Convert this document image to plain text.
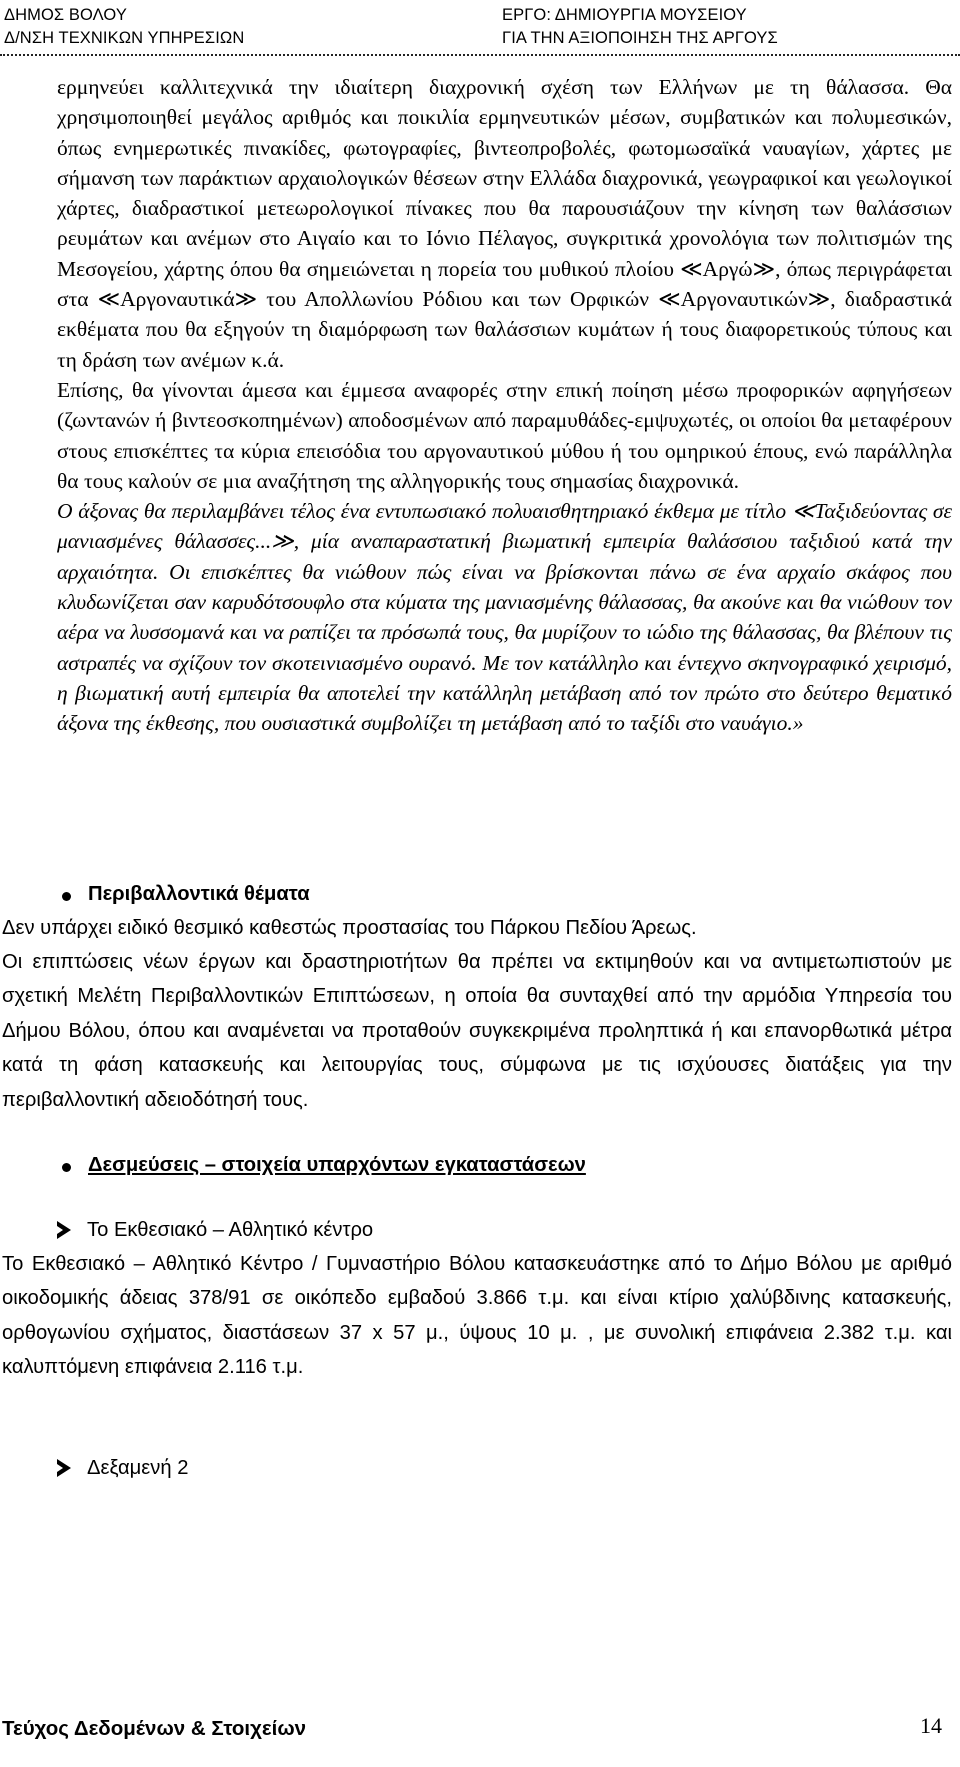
ΔΗΜΟΣ ΒΟΛΟΥ
Δ/ΝΣΗ ΤΕΧΝΙΚΩΝ ΥΠΗΡΕΣΙΩΝ
ΕΡΓΟ: ΔΗΜΙΟΥΡΓΙΑ ΜΟΥΣΕΙΟΥ
ΓΙΑ ΤΗΝ ΑΞΙΟΠΟΙΗΣΗ ΤΗΣ ΑΡΓΟΥΣ

ερμηνεύει καλλιτεχνικά την ιδιαίτερη διαχρονική σχέση των Ελλήνων με τη θάλασσα. Θα χρησιμοποιηθεί μεγάλος αριθμός και ποικιλία ερμηνευτικών μέσων, συμβατικών και πολυμεσικών, όπως ενημερωτικές πινακίδες, φωτογραφίες, βιντεοπροβολές, φωτομωσαϊκά ναυαγίων, χάρτες με σήμανση των παράκτιων αρχαιολογικών θέσεων στην Ελλάδα διαχρονικά, γεωγραφικοί και γεωλογικοί χάρτες, διαδραστικοί μετεωρολογικοί πίνακες που θα παρουσιάζουν την κίνηση των θαλάσσιων ρευμάτων και ανέμων στο Αιγαίο και το Ιόνιο Πέλαγος, συγκριτικά χρονολόγια των πολιτισμών της Μεσογείου, χάρτης όπου θα σημειώνεται η πορεία του μυθικού πλοίου ≪Αργώ≫, όπως περιγράφεται στα ≪Αργοναυτικά≫ του Απολλωνίου Ρόδιου και των Ορφικών ≪Αργοναυτικών≫, διαδραστικά εκθέματα που θα εξηγούν τη διαμόρφωση των θαλάσσιων κυμάτων ή τους διαφορετικούς τύπους και τη δράση των ανέμων κ.ά.

Επίσης, θα γίνονται άμεσα και έμμεσα αναφορές στην επική ποίηση μέσω προφορικών αφηγήσεων (ζωντανών ή βιντεοσκοπημένων) αποδοσμένων από παραμυθάδες-εμψυχωτές, οι οποίοι θα μεταφέρουν στους επισκέπτες τα κύρια επεισόδια του αργοναυτικού μύθου ή του ομηρικού έπους, ενώ παράλληλα θα τους καλούν σε μια αναζήτηση της αλληγορικής τους σημασίας διαχρονικά.

Ο άξονας θα περιλαμβάνει τέλος ένα εντυπωσιακό πολυαισθητηριακό έκθεμα με τίτλο ≪Ταξιδεύοντας σε μανιασμένες θάλασσες...≫, μία αναπαραστατική βιωματική εμπειρία θαλάσσιου ταξιδιού κατά την αρχαιότητα. Οι επισκέπτες θα νιώθουν πώς είναι να βρίσκονται πάνω σε ένα αρχαίο σκάφος που κλυδωνίζεται σαν καρυδότσουφλο στα κύματα της μανιασμένης θάλασσας, θα ακούνε και θα νιώθουν τον αέρα να λυσσομανά και να ραπίζει τα πρόσωπά τους, θα μυρίζουν το ιώδιο της θάλασσας, θα βλέπουν τις αστραπές να σχίζουν τον σκοτεινιασμένο ουρανό. Με τον κατάλληλο και έντεχνο σκηνογραφικό χειρισμό, η βιωματική αυτή εμπειρία θα αποτελεί την κατάλληλη μετάβαση από τον πρώτο στο δεύτερο θεματικό άξονα της έκθεσης, που ουσιαστικά συμβολίζει τη μετάβαση από το ταξίδι στο ναυάγιο.»

Περιβαλλοντικά θέματα

Δεν υπάρχει ειδικό θεσμικό καθεστώς προστασίας του Πάρκου Πεδίου Άρεως.

Οι επιπτώσεις νέων έργων και δραστηριοτήτων θα πρέπει να εκτιμηθούν και να αντιμετωπιστούν με σχετική Μελέτη Περιβαλλοντικών Επιπτώσεων, η οποία θα συνταχθεί από την αρμόδια Υπηρεσία του Δήμου Βόλου, όπου και αναμένεται να προταθούν συγκεκριμένα προληπτικά ή και επανορθωτικά μέτρα κατά τη φάση κατασκευής και λειτουργίας τους, σύμφωνα με τις ισχύουσες διατάξεις για την περιβαλλοντική αδειοδότησή τους.

Δεσμεύσεις – στοιχεία υπαρχόντων εγκαταστάσεων
Το Εκθεσιακό – Αθλητικό κέντρο

Το Εκθεσιακό – Αθλητικό Κέντρο / Γυμναστήριο Βόλου κατασκευάστηκε από το Δήμο Βόλου με αριθμό οικοδομικής άδειας 378/91 σε οικόπεδο εμβαδού 3.866 τ.μ. και είναι κτίριο χαλύβδινης κατασκευής, ορθογωνίου σχήματος, διαστάσεων 37 x 57 μ., ύψους 10 μ. , με συνολική επιφάνεια 2.382 τ.μ. και καλυπτόμενη επιφάνεια 2.116 τ.μ.

Δεξαμενή 2
Τεύχος Δεδομένων & Στοιχείων	14
